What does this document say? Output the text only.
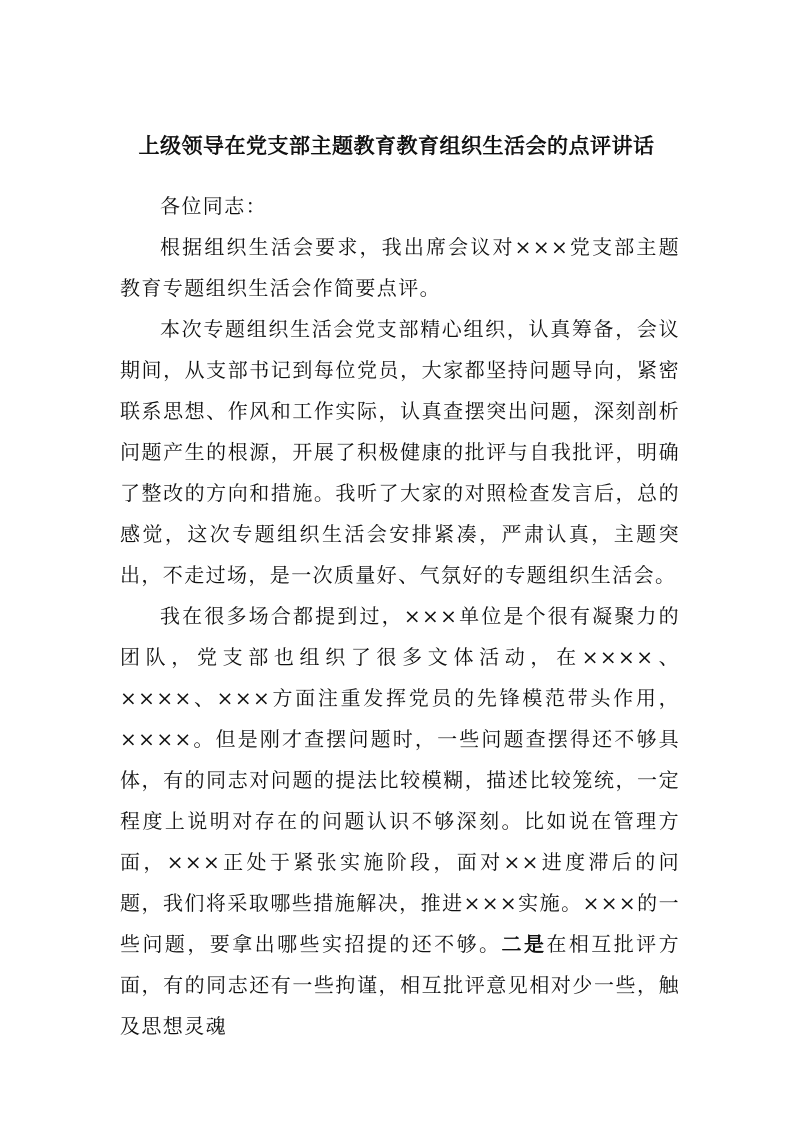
上级领导在党支部主题教育教育组织生活会的点评讲话

各位同志：

根据组织生活会要求，我出席会议对×××党支部主题教育专题组织生活会作简要点评。

本次专题组织生活会党支部精心组织，认真筹备，会议期间，从支部书记到每位党员，大家都坚持问题导向，紧密联系思想、作风和工作实际，认真查摆突出问题，深刻剖析问题产生的根源，开展了积极健康的批评与自我批评，明确了整改的方向和措施。我听了大家的对照检查发言后，总的感觉，这次专题组织生活会安排紧凑，严肃认真，主题突出，不走过场，是一次质量好、气氛好的专题组织生活会。

我在很多场合都提到过，×××单位是个很有凝聚力的团队，党支部也组织了很多文体活动，在××××、××××、×××方面注重发挥党员的先锋模范带头作用，××××。但是刚才查摆问题时，一些问题查摆得还不够具体，有的同志对问题的提法比较模糊，描述比较笼统，一定程度上说明对存在的问题认识不够深刻。比如说在管理方面，×××正处于紧张实施阶段，面对××进度滞后的问题，我们将采取哪些措施解决，推进×××实施。×××的一些问题，要拿出哪些实招提的还不够。二是在相互批评方面，有的同志还有一些拘谨，相互批评意见相对少一些，触及思想灵魂
